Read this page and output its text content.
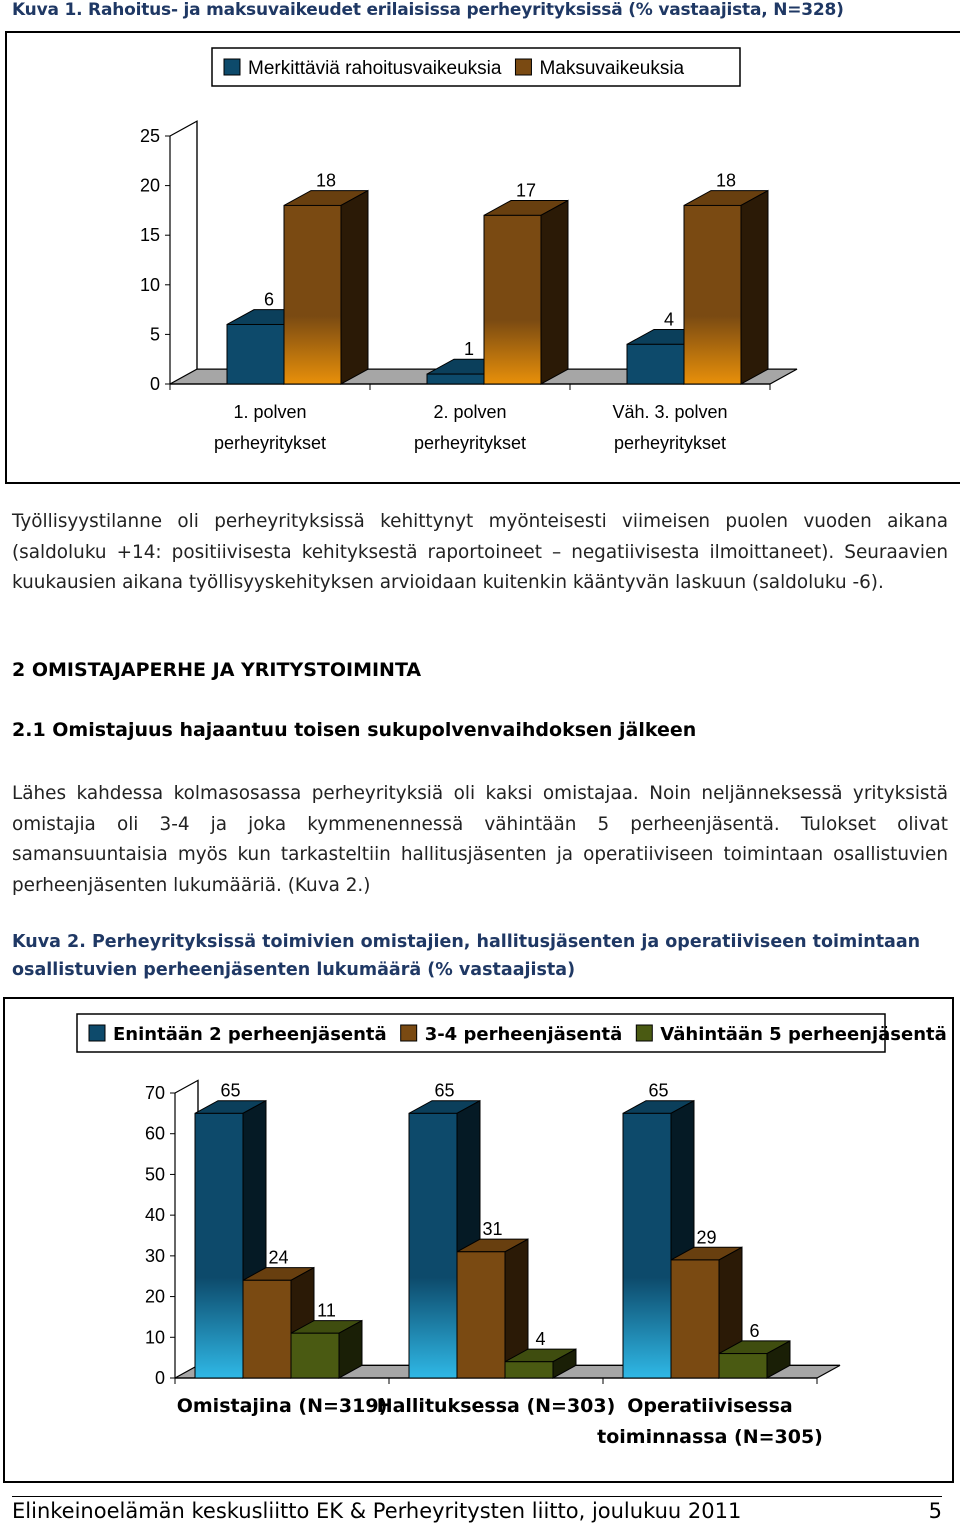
Kuva 1. Rahoitus- ja maksuvaikeudet erilaisissa perheyrityksissä (% vastaajista, N=328)
0
5
10
15
20
25
1. polven
perheyritykset
2. polven
perheyritykset
Väh. 3. polven
perheyritykset
6
18
1
17
4
18
Merkittäviä rahoitusvaikeuksia Maksuvaikeuksia
Työllisyystilanne oli perheyrityksissä kehittynyt myönteisesti viimeisen puolen vuoden aikana (saldoluku +14: positiivisesta kehityksestä raportoineet – negatiivisesta ilmoittaneet). Seuraavien kuukausien aikana työllisyyskehityksen arvioidaan kuitenkin kääntyvän laskuun (saldoluku -6).
2 OMISTAJAPERHE JA YRITYSTOIMINTA
2.1 Omistajuus hajaantuu toisen sukupolvenvaihdoksen jälkeen
Lähes kahdessa kolmasosassa perheyrityksiä oli kaksi omistajaa. Noin neljänneksessä yrityksistä omistajia oli 3-4 ja joka kymmenennessä vähintään 5 perheenjäsentä. Tulokset olivat samansuuntaisia myös kun tarkasteltiin hallitusjäsenten ja operatiiviseen toimintaan osallistuvien perheenjäsenten lukumääriä. (Kuva 2.)
Kuva 2. Perheyrityksissä toimivien omistajien, hallitusjäsenten ja operatiiviseen toimintaan osallistuvien perheenjäsenten lukumäärä (% vastaajista)
0
10
20
30
40
50
60
70
Omistajina (N=319)
Hallituksessa (N=303) Operatiivisessa
toiminnassa (N=305)
65
24
11
65
31
4
65
29
6
Enintään 2 perheenjäsentä 3-4 perheenjäsentä Vähintään 5 perheenjäsentä
Elinkeinoelämän keskusliitto EK & Perheyritysten liitto, joulukuu 2011	5
